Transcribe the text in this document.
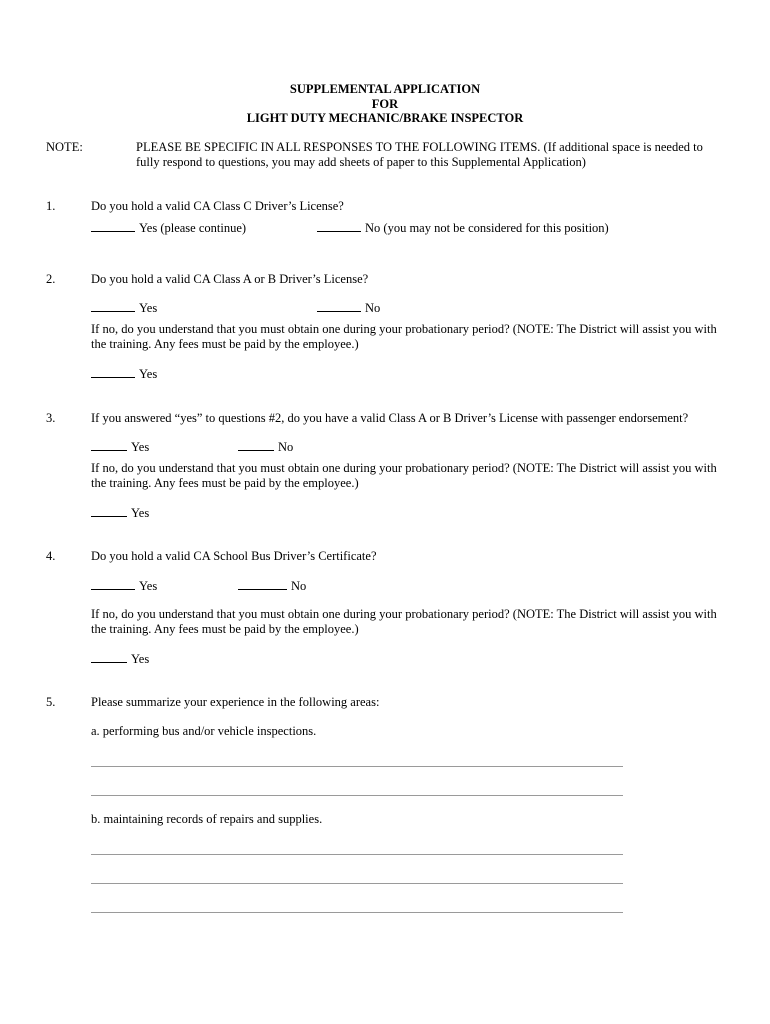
SUPPLEMENTAL APPLICATION
FOR
LIGHT DUTY MECHANIC/BRAKE INSPECTOR
NOTE:	PLEASE BE SPECIFIC IN ALL RESPONSES TO THE FOLLOWING ITEMS. (If additional space is needed to fully respond to questions, you may add sheets of paper to this Supplemental Application)
1.	Do you hold a valid CA Class C Driver’s License?
Yes (please continue)	No (you may not be considered for this position)
2.	Do you hold a valid CA Class A or B Driver’s License?
Yes	No
If no, do you understand that you must obtain one during your probationary period? (NOTE: The District will assist you with the training. Any fees must be paid by the employee.)
Yes
3.	If you answered “yes” to questions #2, do you have a valid Class A or B Driver’s License with passenger endorsement?
Yes	No
If no, do you understand that you must obtain one during your probationary period? (NOTE: The District will assist you with the training. Any fees must be paid by the employee.)
Yes
4.	Do you hold a valid CA School Bus Driver’s Certificate?
Yes	No
If no, do you understand that you must obtain one during your probationary period? (NOTE: The District will assist you with the training. Any fees must be paid by the employee.)
Yes
5.	Please summarize your experience in the following areas:
a. performing bus and/or vehicle inspections.
b. maintaining records of repairs and supplies.
